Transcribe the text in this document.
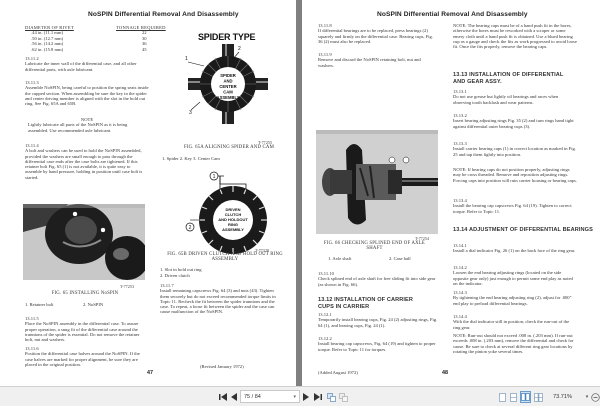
NoSPIN Differential Removal And Disassembly
DIAMETER OF RIVET	TONNAGE REQUIRED
.44 in. (11.1 mm)	22
.50 in. (12.7 mm)	30
.56 in. (14.2 mm)	36
.62 in. (15.8 mm)	45
13.11.2
Lubricate the inner wall of the differential case, and all other differential parts, with axle lubricant.
13.11.3
Assemble NoSPIN, being careful to position the spring seats inside the cupped section. When assembling be sure the key in the spider and center driving member is aligned with the slot in the hold out ring. See Fig. 65A and 65B.
NOTE
Lightly lubricate all parts of the NoSPIN as it is being assembled. Use recommended axle lubricant.
13.11.4
A bolt and washers can be used to hold the NoSPIN assembled, provided the washers are small enough to pass through the differential case ends after the case bolts are tightened. If this retainer bolt Fig. 65 (1) is not available, it is quite easy to assemble by hand pressure, holding in position until case bolt is started.
T-77253
FIG. 65 INSTALLING NoSPIN
1. Retainer bolt	2. NoSPIN
13.11.5
Place the NoSPIN assembly in the differential case. To assure proper operation, a snug fit of the differential case around the trunnions of the spider is essential. Do not remove the retainer bolt, nut and washers.
13.11.6
Position the differential case halves around the NoSPIN. If the case halves are marked for proper alignment, be sure they are placed in the original position.
SPIDER TYPE
SPIDER
AND
CENTER
CAM
ASSEMBLY
1
2
3
T-77255
FIG. 65A ALIGNING SPIDER AND CAM
1. Spider 2. Key 3. Center Cam
DRIVEN
CLUTCH
AND HOLDOUT
RING
ASSEMBLY
1
2
T-77328
FIG. 65B DRIVEN CLUTCH AND HOLD OUT RING ASSEMBLY
1. Slot in hold out ring
2. Driven clutch
13.11.7
Install remaining capscrews Fig. 64 (3) and nuts (43). Tighten them securely but do not exceed recommended torque limits in Topic 11. Recheck the fit between the spider trunnions and the case. To repeat, a loose fit between the spider and the case can cause malfunction of the NoSPIN.
(Revised January 1972)
47
NoSPIN Differential Removal And Disassembly
13.11.8
If differential bearings are to be replaced, press bearings (2) squarely and firmly on the differential case. Bearing cups, Fig. 36 (2) must also be replaced.
13.11.9
Remove and discard the NoSPIN retaining bolt, nut and washers.
T-77254
FIG. 66 CHECKING SPLINED END OF AXLE SHAFT
1. Axle shaft	2. Case half
13.11.10
Check splined end of axle shaft for free sliding fit into side gear (as shown in Fig. 66).
13.12 INSTALLATION OF CARRIER CUPS IN CARRIER
13.12.1
Temporarily install bearing cups, Fig. 24 (2) adjusting rings, Fig. 64 (1), and bearing cups, Fig. 24 (1).
13.12.2
Install bearing cap capscrews, Fig. 64 (19) and tighten to proper torque. Refer to Topic 11 for torques.
(Added August 1972)	48
NOTE: The bearing caps must be of a hand push fit in the bores, otherwise the bores must be reworked with a scraper or some emery cloth until a hand push fit is obtained. Use a blued bearing cup as a gauge and check the fits as work progressed to avoid loose fit. Once the fits properly, remove the bearing caps.
13.13 INSTALLATION OF DIFFERENTIAL AND GEAR ASSY.
13.13.1
Do not use grease but lightly oil bearings and races when observing tooth backlash and wear patterns.
13.13.2
Insert bearing adjusting rings Fig. 35 (2) and turn rings hand tight against differential outer bearing cups (3).
13.13.3
Install carrier bearing caps (1) in correct location as marked in Fig. 25 and tap them lightly into position.
NOTE: If bearing caps do not position properly, adjusting rings may be cross threaded. Remove and reposition adjusting rings. Forcing caps into position will ruin carrier housing or bearing caps.
13.13.4
Install the bearing cap capscrews Fig. 64 (19). Tighten to correct torque. Refer to Topic 11.
13.14 ADJUSTMENT OF DIFFERENTIAL BEARINGS
13.14.1
Install a dial indicator Fig. 26 (1) on the back face of the ring gear.
13.14.2
Loosen the end bearing adjusting rings (located on the side opposite gear only) just enough to permit some end play as noted on the indicator.
13.14.3
By tightening the end bearing adjusting ring (2), adjust for .000" end play to preload differential bearings.
13.14.4
With the dial indicator still in position, check the run-out of the ring gear.
NOTE: Run-out should not exceed .008 in. (.203 mm). If run-out exceeds .008 in. (.203 mm), remove the differential and check for cause. Be sure to check at several different ring gear locations by rotating the pinion yoke several times.
75 / 84	▾	73.71%	▾
